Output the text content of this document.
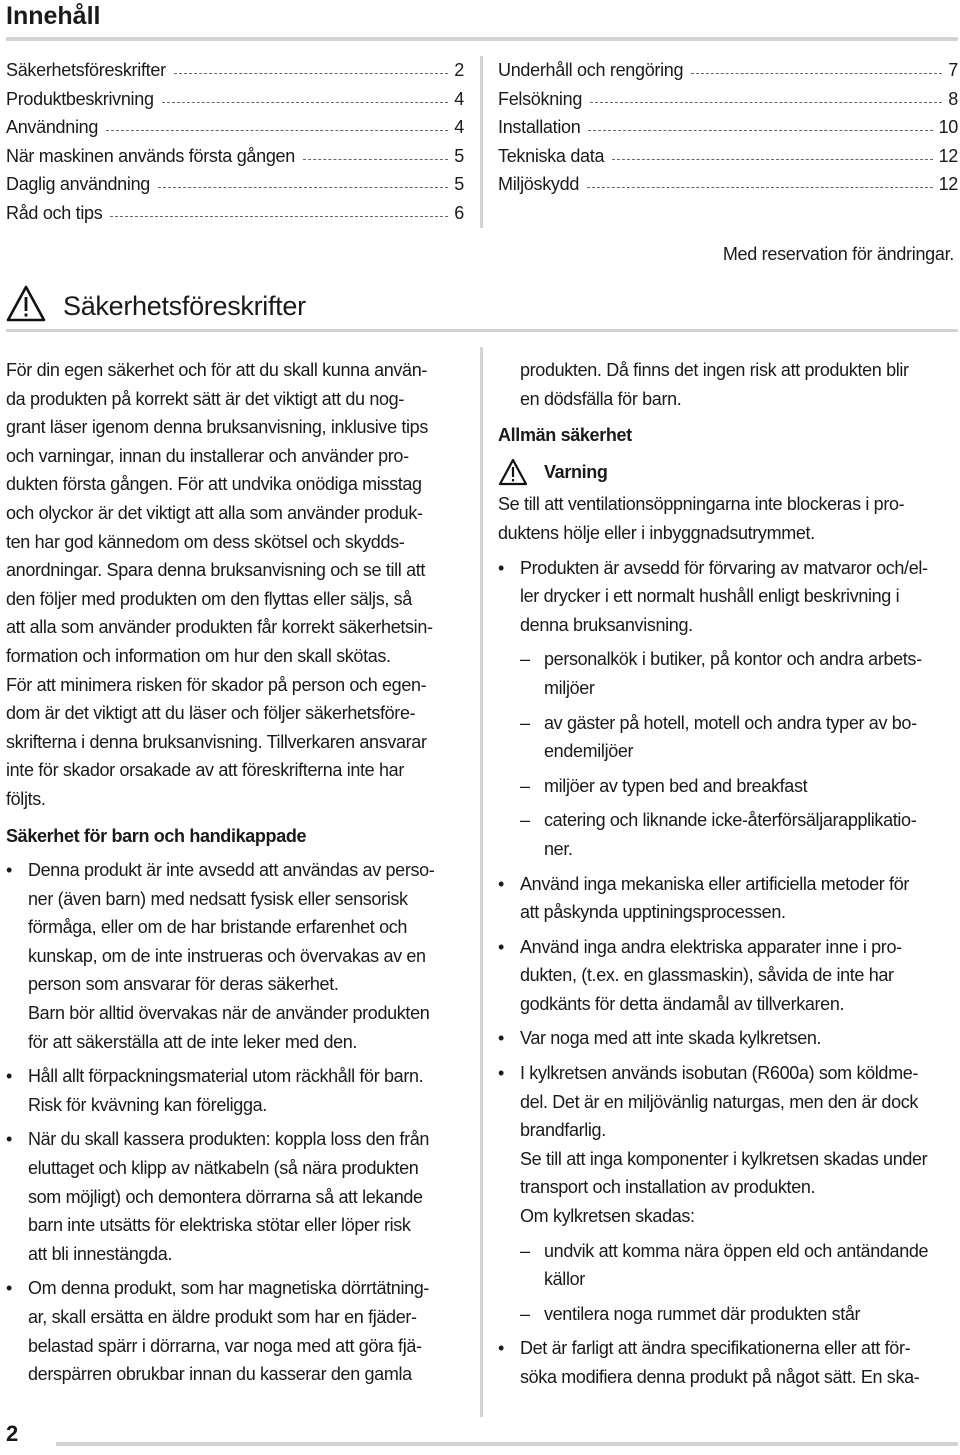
Innehåll
Säkerhetsföreskrifter	2
Produktbeskrivning	4
Användning	4
När maskinen används första gången	5
Daglig användning	5
Råd och tips	6
Underhåll och rengöring	7
Felsökning	8
Installation	10
Tekniska data	12
Miljöskydd	12
Med reservation för ändringar.
Säkerhetsföreskrifter
För din egen säkerhet och för att du skall kunna använ-
da produkten på korrekt sätt är det viktigt att du nog-
grant läser igenom denna bruksanvisning, inklusive tips
och varningar, innan du installerar och använder pro-
dukten första gången. För att undvika onödiga misstag
och olyckor är det viktigt att alla som använder produk-
ten har god kännedom om dess skötsel och skydds-
anordningar. Spara denna bruksanvisning och se till att
den följer med produkten om den flyttas eller säljs, så
att alla som använder produkten får korrekt säkerhetsin-
formation och information om hur den skall skötas.
För att minimera risken för skador på person och egen-
dom är det viktigt att du läser och följer säkerhetsföre-
skrifterna i denna bruksanvisning. Tillverkaren ansvarar
inte för skador orsakade av att föreskrifterna inte har
följts.
Säkerhet för barn och handikappade
• Denna produkt är inte avsedd att användas av perso-
ner (även barn) med nedsatt fysisk eller sensorisk
förmåga, eller om de har bristande erfarenhet och
kunskap, om de inte instrueras och övervakas av en
person som ansvarar för deras säkerhet.
Barn bör alltid övervakas när de använder produkten
för att säkerställa att de inte leker med den.
• Håll allt förpackningsmaterial utom räckhåll för barn.
Risk för kvävning kan föreligga.
• När du skall kassera produkten: koppla loss den från
eluttaget och klipp av nätkabeln (så nära produkten
som möjligt) och demontera dörrarna så att lekande
barn inte utsätts för elektriska stötar eller löper risk
att bli innestängda.
• Om denna produkt, som har magnetiska dörrtätning-
ar, skall ersätta en äldre produkt som har en fjäder-
belastad spärr i dörrarna, var noga med att göra fjä-
derspärren obrukbar innan du kasserar den gamla
produkten. Då finns det ingen risk att produkten blir
en dödsfälla för barn.
Allmän säkerhet
Varning
Se till att ventilationsöppningarna inte blockeras i pro-
duktens hölje eller i inbyggnadsutrymmet.
• Produkten är avsedd för förvaring av matvaror och/el-
ler drycker i ett normalt hushåll enligt beskrivning i
denna bruksanvisning.
– personalkök i butiker, på kontor och andra arbets-
miljöer
– av gäster på hotell, motell och andra typer av bo-
endemiljöer
– miljöer av typen bed and breakfast
– catering och liknande icke-återförsäljarapplikatio-
ner.
• Använd inga mekaniska eller artificiella metoder för
att påskynda upptiningsprocessen.
• Använd inga andra elektriska apparater inne i pro-
dukten, (t.ex. en glassmaskin), såvida de inte har
godkänts för detta ändamål av tillverkaren.
• Var noga med att inte skada kylkretsen.
• I kylkretsen används isobutan (R600a) som köldme-
del. Det är en miljövänlig naturgas, men den är dock
brandfarlig.
Se till att inga komponenter i kylkretsen skadas under
transport och installation av produkten.
Om kylkretsen skadas:
– undvik att komma nära öppen eld och antändande
källor
– ventilera noga rummet där produkten står
• Det är farligt att ändra specifikationerna eller att för-
söka modifiera denna produkt på något sätt. En ska-
2
